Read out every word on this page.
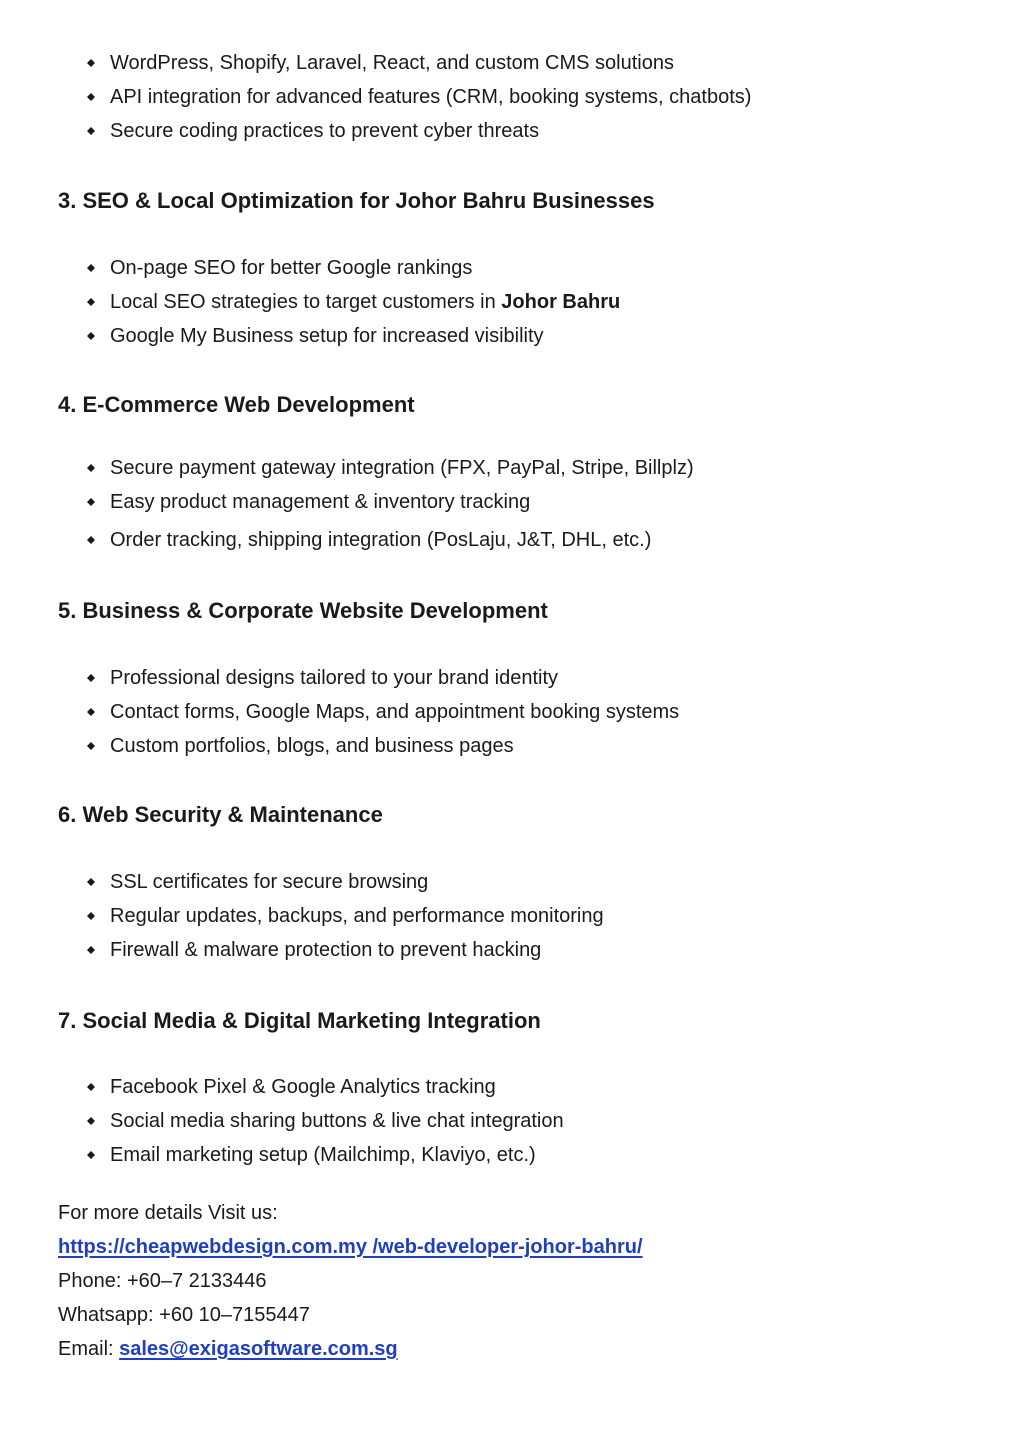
WordPress, Shopify, Laravel, React, and custom CMS solutions
API integration for advanced features (CRM, booking systems, chatbots)
Secure coding practices to prevent cyber threats
3. SEO & Local Optimization for Johor Bahru Businesses
On-page SEO for better Google rankings
Local SEO strategies to target customers in Johor Bahru
Google My Business setup for increased visibility
4. E-Commerce Web Development
Secure payment gateway integration (FPX, PayPal, Stripe, Billplz)
Easy product management & inventory tracking
Order tracking, shipping integration (PosLaju, J&T, DHL, etc.)
5. Business & Corporate Website Development
Professional designs tailored to your brand identity
Contact forms, Google Maps, and appointment booking systems
Custom portfolios, blogs, and business pages
6. Web Security & Maintenance
SSL certificates for secure browsing
Regular updates, backups, and performance monitoring
Firewall & malware protection to prevent hacking
7. Social Media & Digital Marketing Integration
Facebook Pixel & Google Analytics tracking
Social media sharing buttons & live chat integration
Email marketing setup (Mailchimp, Klaviyo, etc.)
For more details Visit us:
https://cheapwebdesign.com.my /web-developer-johor-bahru/
Phone: +60–7 2133446
Whatsapp: +60 10–7155447
Email: sales@exigasoftware.com.sg
